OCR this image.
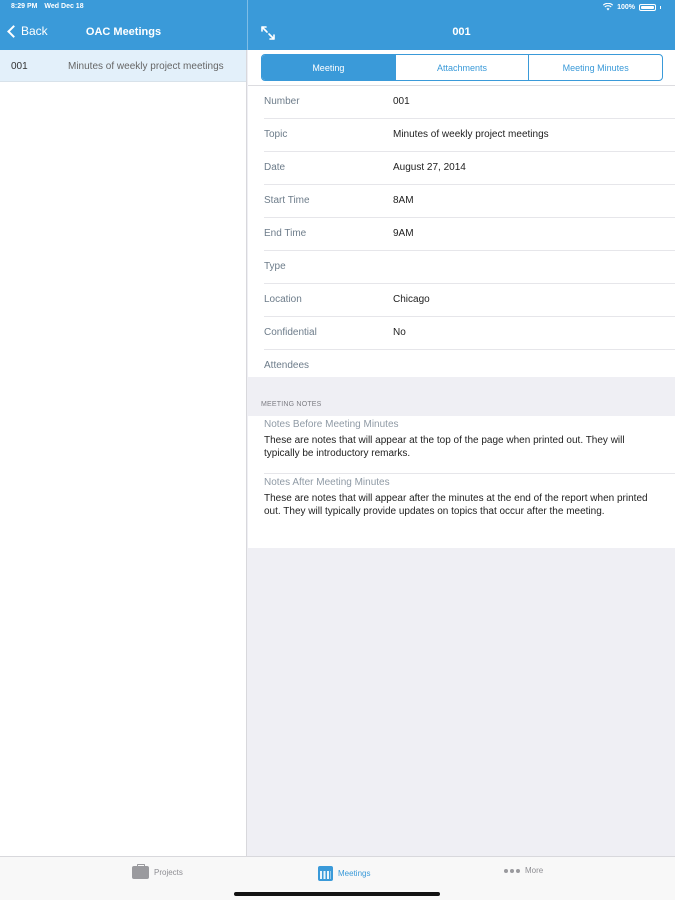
8:29 PM Wed Dec 18	100%
OAC Meetings
Back	001
001	Minutes of weekly project meetings	Meeting	Attachments	Meeting Minutes
Number	001
Topic	Minutes of weekly project meetings
Date	August 27, 2014
Start Time	8AM
End Time	9AM
Type
Location	Chicago
Confidential	No
Attendees
MEETING NOTES
Notes Before Meeting Minutes
These are notes that will appear at the top of the page when printed out. They will typically be introductory remarks.
Notes After Meeting Minutes
These are notes that will appear after the minutes at the end of the report when printed out. They will typically provide updates on topics that occur after the meeting.
Projects	Meetings	More
